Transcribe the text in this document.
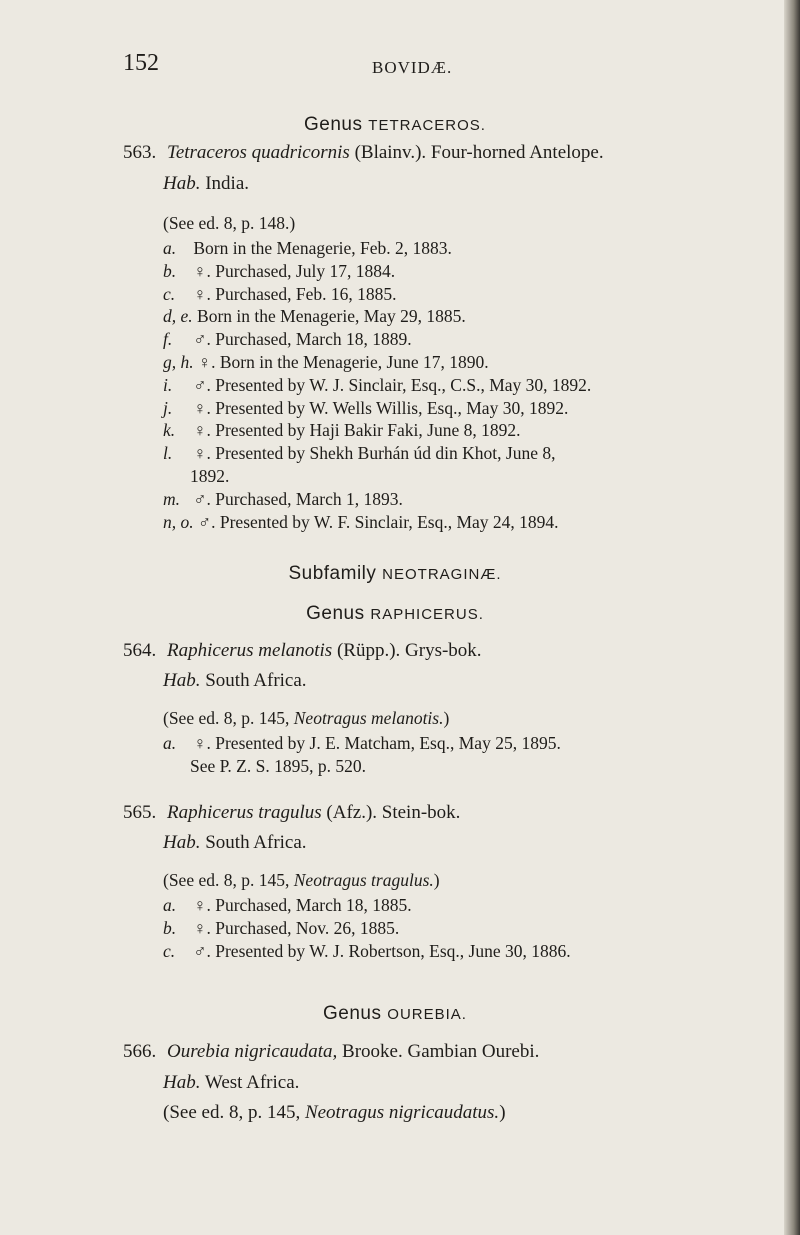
152	BOVIDÆ.
Genus TETRACEROS.
563. Tetraceros quadricornis (Blainv.). Four-horned Antelope.
Hab. India.
(See ed. 8, p. 148.)
a. Born in the Menagerie, Feb. 2, 1883.
b. ♀. Purchased, July 17, 1884.
c. ♀. Purchased, Feb. 16, 1885.
d, e. Born in the Menagerie, May 29, 1885.
f. ♂. Purchased, March 18, 1889.
g, h. ♀. Born in the Menagerie, June 17, 1890.
i. ♂. Presented by W. J. Sinclair, Esq., C.S., May 30, 1892.
j. ♀. Presented by W. Wells Willis, Esq., May 30, 1892.
k. ♀. Presented by Haji Bakir Faki, June 8, 1892.
l. ♀. Presented by Shekh Burhán úd din Khot, June 8,
1892.
m. ♂. Purchased, March 1, 1893.
n, o. ♂. Presented by W. F. Sinclair, Esq., May 24, 1894.
Subfamily NEOTRAGINÆ.
Genus RAPHICERUS.
564. Raphicerus melanotis (Rüpp.). Grys-bok.
Hab. South Africa.
(See ed. 8, p. 145, Neotragus melanotis.)
a. ♀. Presented by J. E. Matcham, Esq., May 25, 1895.
See P. Z. S. 1895, p. 520.
565. Raphicerus tragulus (Afz.). Stein-bok.
Hab. South Africa.
(See ed. 8, p. 145, Neotragus tragulus.)
a. ♀. Purchased, March 18, 1885.
b. ♀. Purchased, Nov. 26, 1885.
c. ♂. Presented by W. J. Robertson, Esq., June 30, 1886.
Genus OUREBIA.
566. Ourebia nigricaudata, Brooke. Gambian Ourebi.
Hab. West Africa.
(See ed. 8, p. 145, Neotragus nigricaudatus.)
